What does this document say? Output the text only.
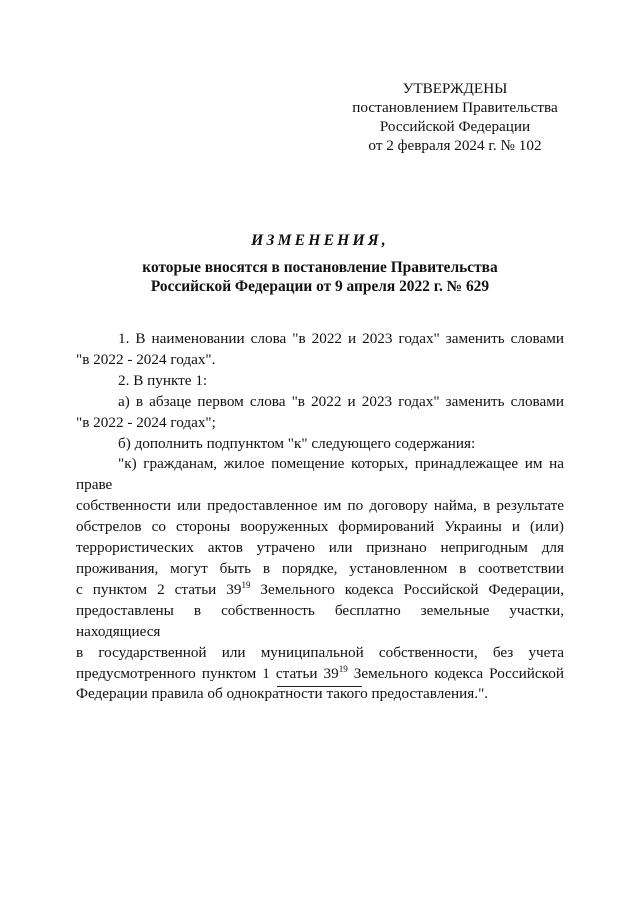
УТВЕРЖДЕНЫ
постановлением Правительства
Российской Федерации
от 2 февраля 2024 г. № 102
ИЗМЕНЕНИЯ,
которые вносятся в постановление Правительства
Российской Федерации от 9 апреля 2022 г. № 629
1. В наименовании слова "в 2022 и 2023 годах" заменить словами
"в 2022 - 2024 годах".
2. В пункте 1:
а) в абзаце первом слова "в 2022 и 2023 годах" заменить словами
"в 2022 - 2024 годах";
б) дополнить подпунктом "к" следующего содержания:
"к) гражданам, жилое помещение которых, принадлежащее им на праве
собственности или предоставленное им по договору найма, в результате
обстрелов со стороны вооруженных формирований Украины и (или)
террористических актов утрачено или признано непригодным для
проживания, могут быть в порядке, установленном в соответствии
с пунктом 2 статьи $39^{19}$ Земельного кодекса Российской Федерации,
предоставлены в собственность бесплатно земельные участки, находящиеся
в государственной или муниципальной собственности, без учета
предусмотренного пунктом 1 статьи $39^{19}$ Земельного кодекса Российской
Федерации правила об однократности такого предоставления.".
